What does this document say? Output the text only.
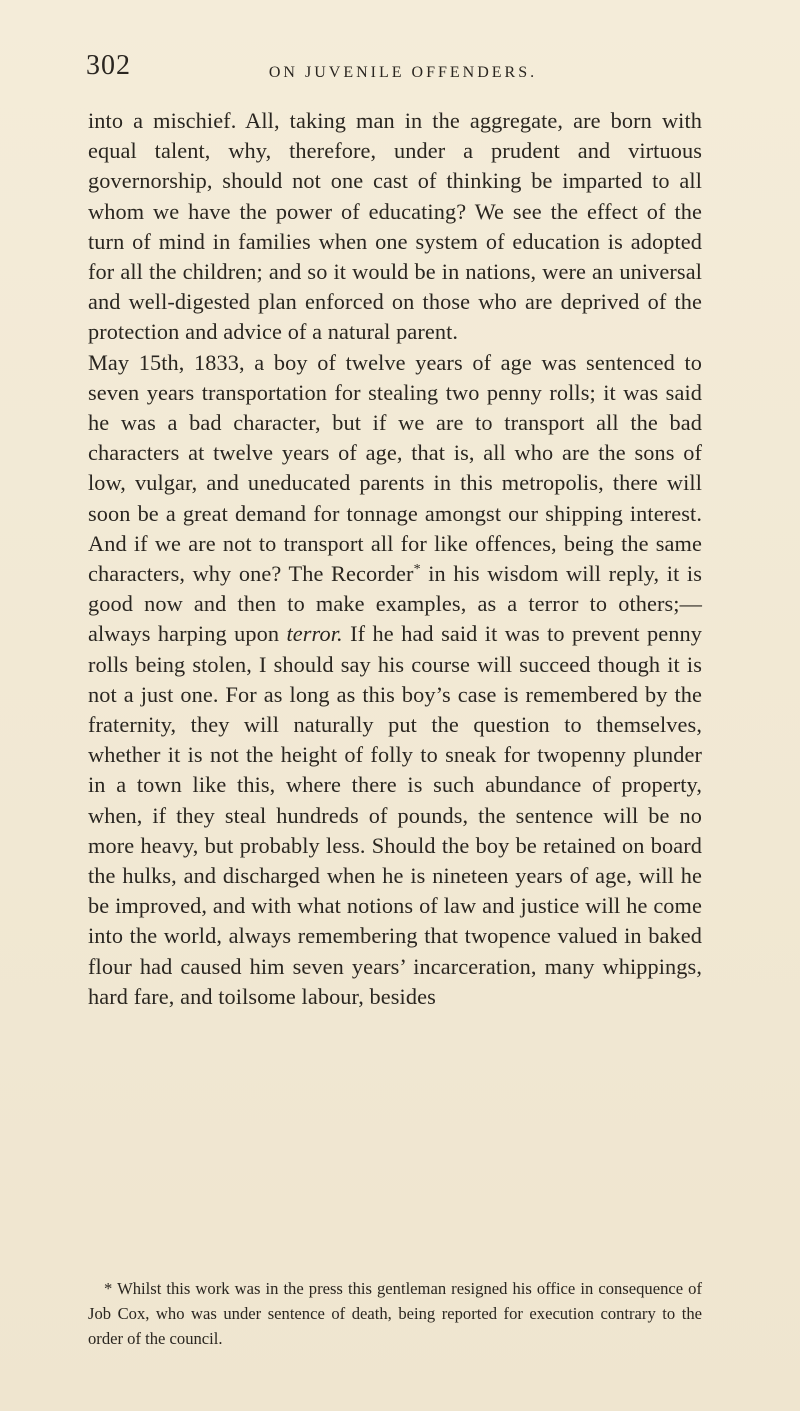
302	ON JUVENILE OFFENDERS.

into a mischief. All, taking man in the aggregate, are born with equal talent, why, therefore, under a prudent and virtuous governorship, should not one cast of thinking be imparted to all whom we have the power of educating? We see the effect of the turn of mind in families when one system of education is adopted for all the children; and so it would be in nations, were an universal and well-digested plan enforced on those who are deprived of the protection and advice of a natural parent.

May 15th, 1833, a boy of twelve years of age was sentenced to seven years transportation for stealing two penny rolls; it was said he was a bad character, but if we are to transport all the bad characters at twelve years of age, that is, all who are the sons of low, vulgar, and uneducated parents in this metropolis, there will soon be a great demand for tonnage amongst our shipping interest. And if we are not to transport all for like offences, being the same characters, why one? The Recorder* in his wisdom will reply, it is good now and then to make examples, as a terror to others;—always harping upon terror. If he had said it was to prevent penny rolls being stolen, I should say his course will succeed though it is not a just one. For as long as this boy’s case is remembered by the fraternity, they will naturally put the question to themselves, whether it is not the height of folly to sneak for twopenny plunder in a town like this, where there is such abundance of property, when, if they steal hundreds of pounds, the sentence will be no more heavy, but probably less. Should the boy be retained on board the hulks, and discharged when he is nineteen years of age, will he be improved, and with what notions of law and justice will he come into the world, always remembering that twopence valued in baked flour had caused him seven years’ incarceration, many whippings, hard fare, and toilsome labour, besides

* Whilst this work was in the press this gentleman resigned his office in consequence of Job Cox, who was under sentence of death, being reported for execution contrary to the order of the council.
